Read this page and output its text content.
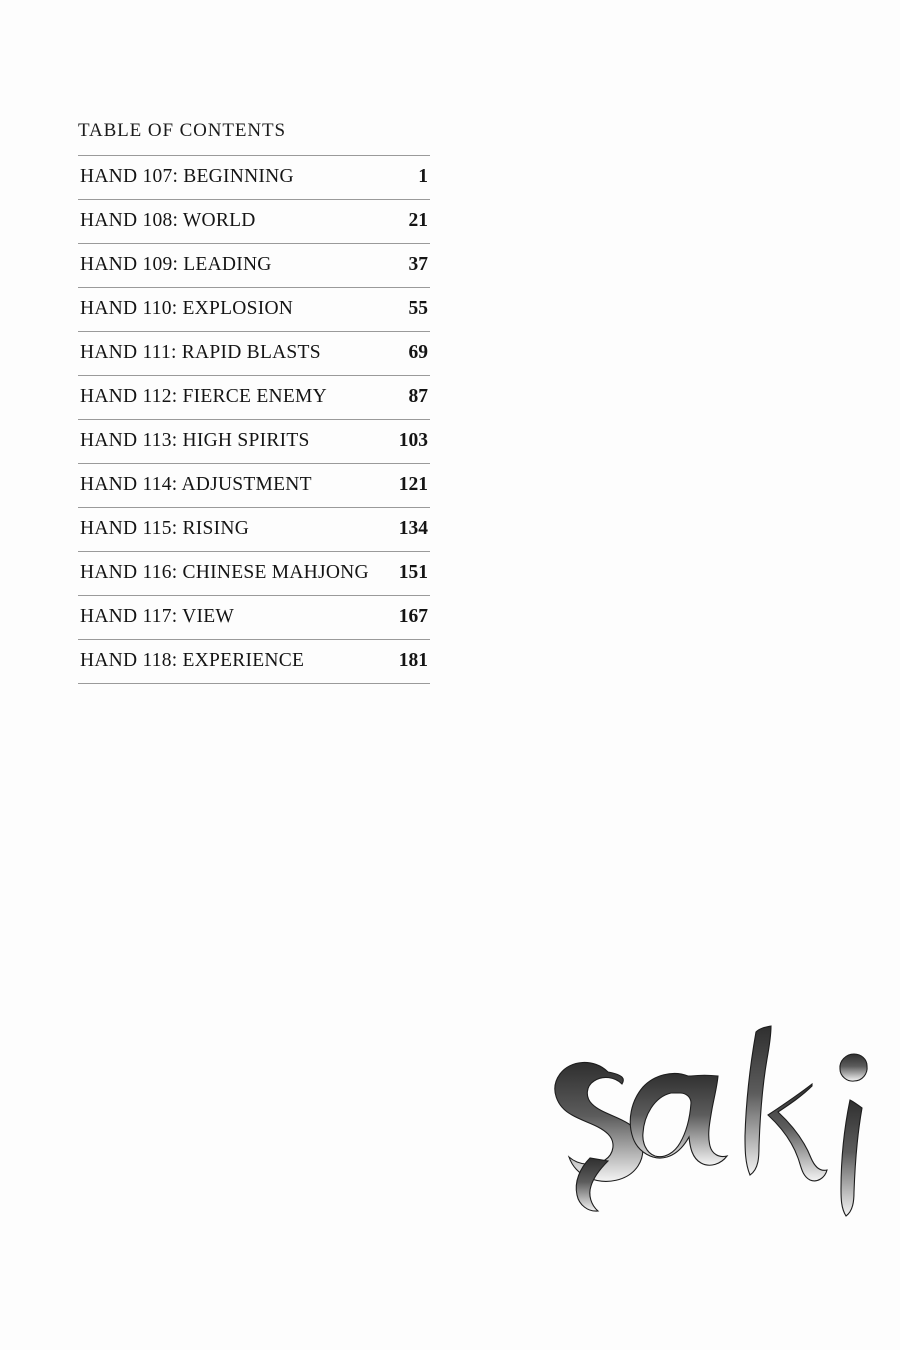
TABLE OF CONTENTS
HAND 107: BEGINNING	1
HAND 108: WORLD	21
HAND 109: LEADING	37
HAND 110: EXPLOSION	55
HAND 111: RAPID BLASTS	69
HAND 112: FIERCE ENEMY	87
HAND 113: HIGH SPIRITS	103
HAND 114: ADJUSTMENT	121
HAND 115: RISING	134
HAND 116: CHINESE MAHJONG	151
HAND 117: VIEW	167
HAND 118: EXPERIENCE	181
